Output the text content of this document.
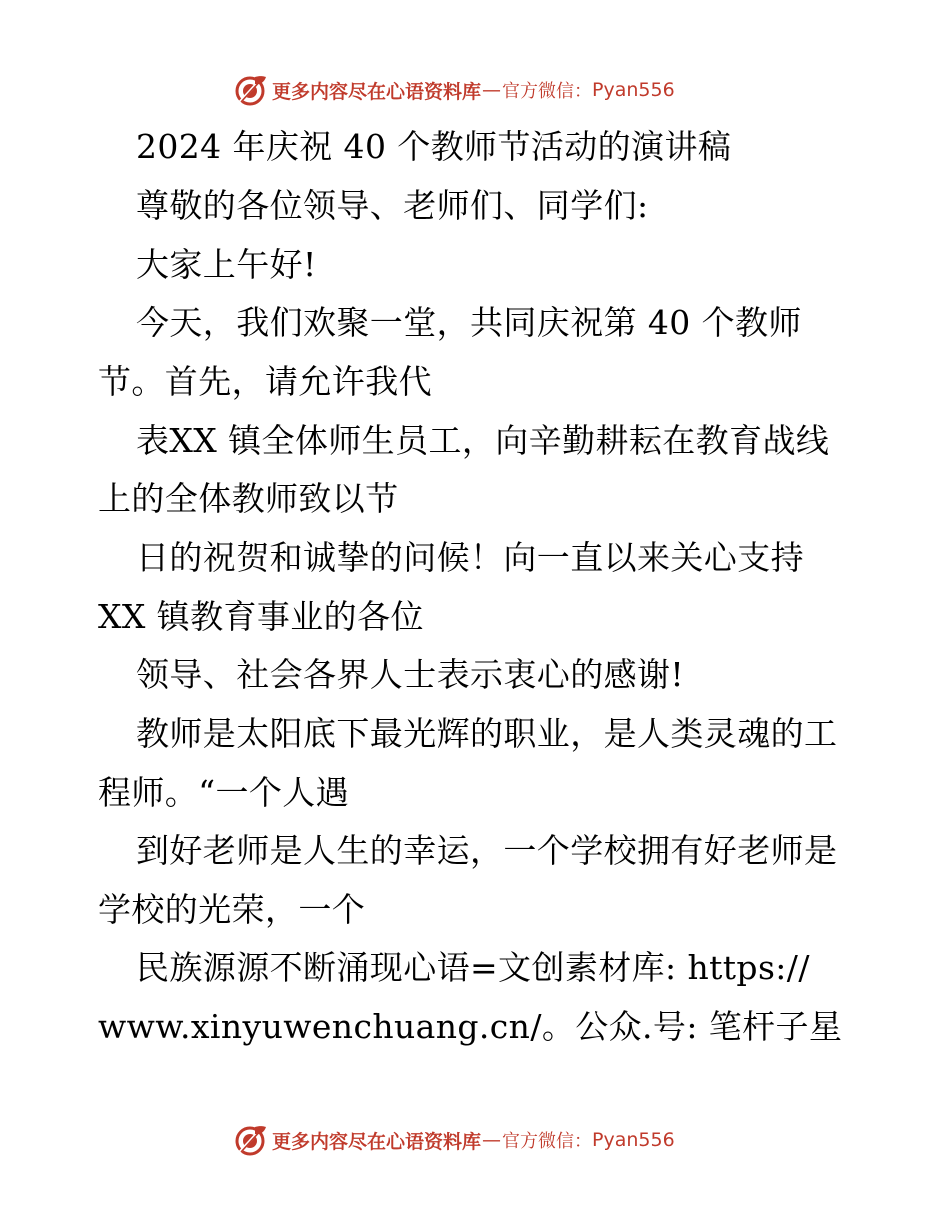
更多内容尽在心语资料库 — 官方微信： Pyan556
2024 年庆祝 40 个教师节活动的演讲稿
尊敬的各位领导、老师们、同学们:
大家上午好!
今天，我们欢聚一堂，共同庆祝第 40 个教师
节。首先，请允许我代
表XX 镇全体师生员工，向辛勤耕耘在教育战线
上的全体教师致以节
日的祝贺和诚挚的问候！向一直以来关心支持
XX 镇教育事业的各位
领导、社会各界人士表示衷心的感谢!
教师是太阳底下最光辉的职业，是人类灵魂的工
程师。“一个人遇
到好老师是人生的幸运，一个学校拥有好老师是
学校的光荣，一个
民族源源不断涌现心语=文创素材库: https://
www.xinyuwenchuang.cn/。公众.号: 笔杆子星
更多内容尽在心语资料库 — 官方微信： Pyan556
